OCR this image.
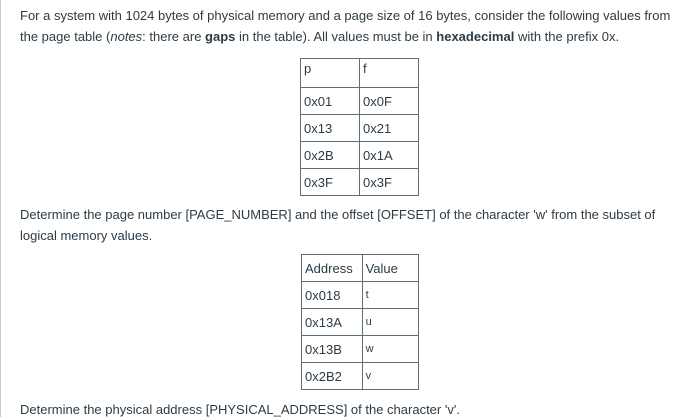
For a system with 1024 bytes of physical memory and a page size of 16 bytes, consider the following values from the page table (notes: there are gaps in the table). All values must be in hexadecimal with the prefix 0x.

p	f
0x01	0x0F
0x13	0x21
0x2B	0x1A
0x3F	0x3F

Determine the page number [PAGE_NUMBER] and the offset [OFFSET] of the character 'w' from the subset of logical memory values.

Address	Value
0x018	t
0x13A	u
0x13B	w
0x2B2	v

Determine the physical address [PHYSICAL_ADDRESS] of the character 'v'.
